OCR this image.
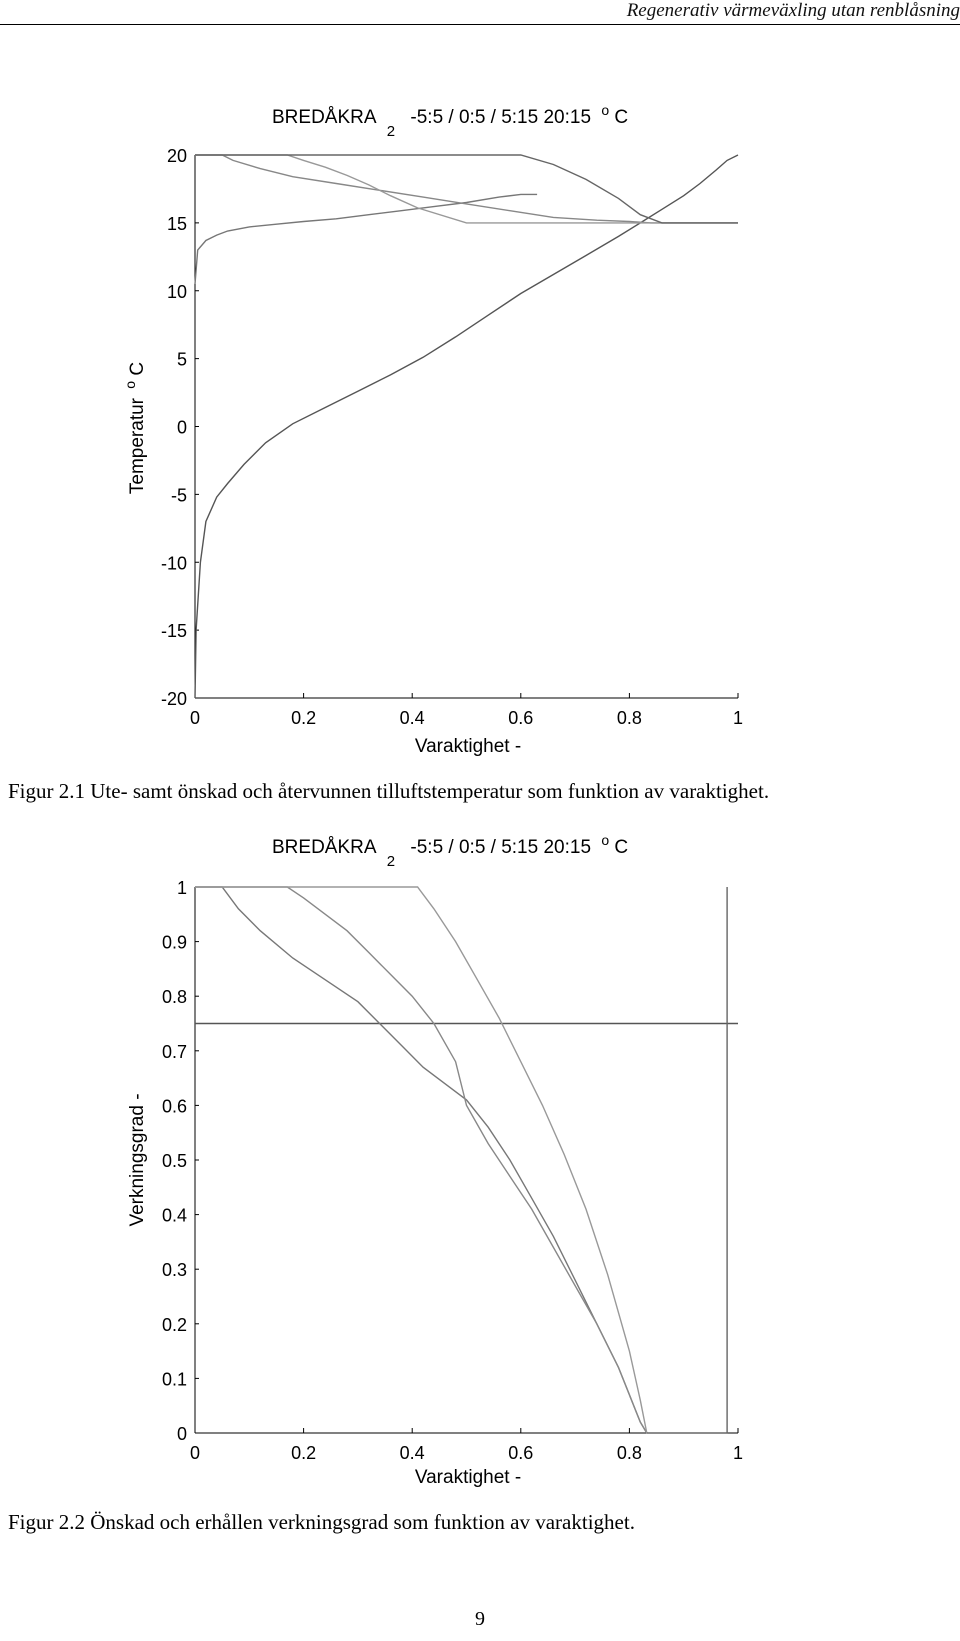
Regenerativ värmeväxling utan renblåsning
BREDÅKRA $_2$ -5:5 / 0:5 / 5:15 20:15 $^o$ C
20
15
10
5
0
-5
-10
-15
-20
0	0.2	0.4	0.6	0.8	1
Varaktighet -
Temperatur $^o$ C
Figur 2.1 Ute- samt önskad och återvunnen tilluftstemperatur som funktion av varaktighet.
BREDÅKRA $_2$ -5:5 / 0:5 / 5:15 20:15 $^o$ C
1
0.9
0.8
0.7
0.6
0.5
0.4
0.3
0.2
0.1
0
0	0.2	0.4	0.6	0.8	1
Varaktighet -
Verkningsgrad -
Figur 2.2 Önskad och erhållen verkningsgrad som funktion av varaktighet.
9
